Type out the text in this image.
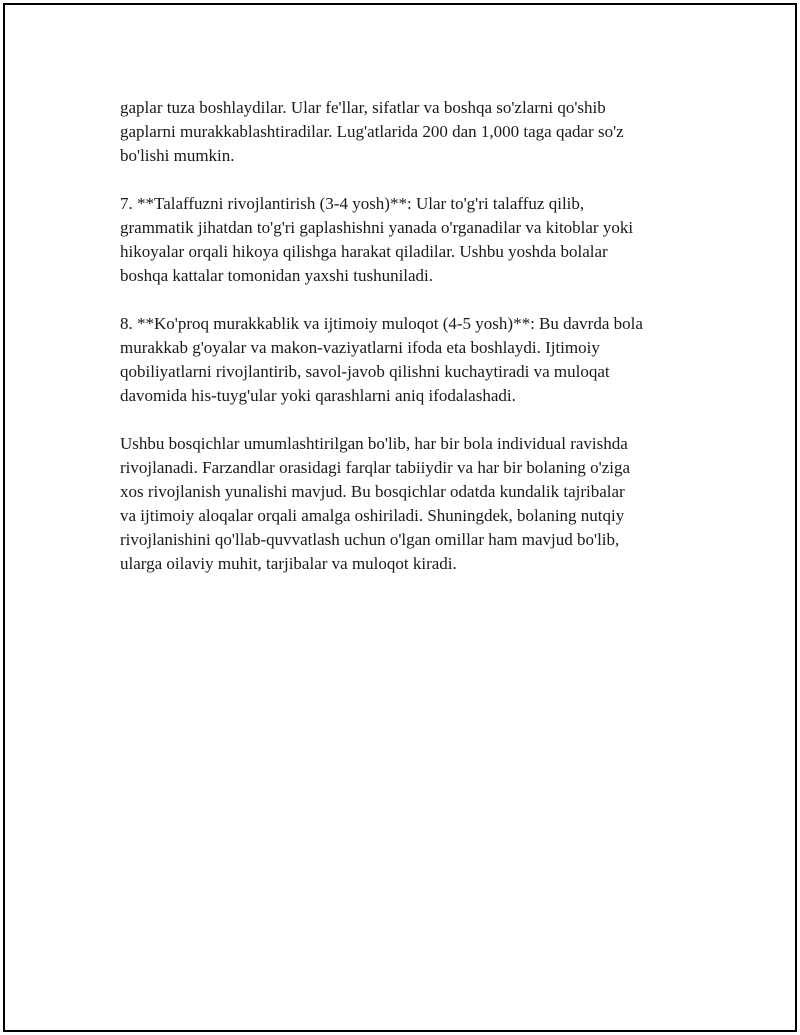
gaplar tuza boshlaydilar. Ular fe'llar, sifatlar va boshqa so'zlarni qo'shib
gaplarni murakkablashtiradilar. Lug'atlarida 200 dan 1,000 taga qadar so'z
bo'lishi mumkin.

7. **Talaffuzni rivojlantirish (3-4 yosh)**: Ular to'g'ri talaffuz qilib,
grammatik jihatdan to'g'ri gaplashishni yanada o'rganadilar va kitoblar yoki
hikoyalar orqali hikoya qilishga harakat qiladilar. Ushbu yoshda bolalar
boshqa kattalar tomonidan yaxshi tushuniladi.

8. **Ko'proq murakkablik va ijtimoiy muloqot (4-5 yosh)**: Bu davrda bola
murakkab g'oyalar va makon-vaziyatlarni ifoda eta boshlaydi. Ijtimoiy
qobiliyatlarni rivojlantirib, savol-javob qilishni kuchaytiradi va muloqat
davomida his-tuyg'ular yoki qarashlarni aniq ifodalashadi.

Ushbu bosqichlar umumlashtirilgan bo'lib, har bir bola individual ravishda
rivojlanadi. Farzandlar orasidagi farqlar tabiiydir va har bir bolaning o'ziga
xos rivojlanish yunalishi mavjud. Bu bosqichlar odatda kundalik tajribalar
va ijtimoiy aloqalar orqali amalga oshiriladi. Shuningdek, bolaning nutqiy
rivojlanishini qo'llab-quvvatlash uchun o'lgan omillar ham mavjud bo'lib,
ularga oilaviy muhit, tarjibalar va muloqot kiradi.
